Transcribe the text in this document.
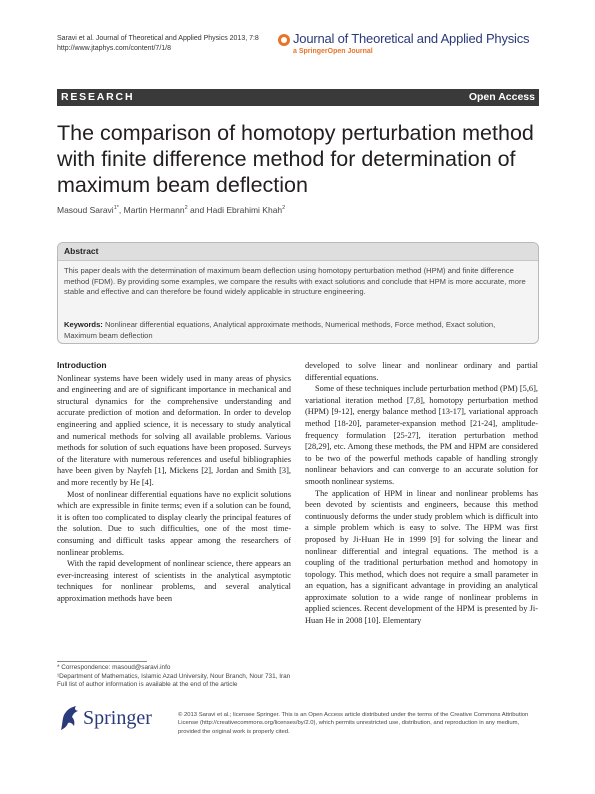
Saravi et al. Journal of Theoretical and Applied Physics 2013, 7:8
http://www.jtaphys.com/content/7/1/8
Journal of Theoretical and Applied Physics
a SpringerOpen Journal
RESEARCH	Open Access
The comparison of homotopy perturbation method with finite difference method for determination of maximum beam deflection
Masoud Saravi$^{1*}$, Martin Hermann$^2$ and Hadi Ebrahimi Khah$^2$
Abstract
This paper deals with the determination of maximum beam deflection using homotopy perturbation method (HPM) and finite difference method (FDM). By providing some examples, we compare the results with exact solutions and conclude that HPM is more accurate, more stable and effective and can therefore be found widely applicable in structure engineering.
Keywords: Nonlinear differential equations, Analytical approximate methods, Numerical methods, Force method, Exact solution, Maximum beam deflection
Introduction

Nonlinear systems have been widely used in many areas of physics and engineering and are of significant importance in mechanical and structural dynamics for the comprehensive understanding and accurate prediction of motion and deformation. In order to develop engineering and applied science, it is necessary to study analytical and numerical methods for solving all available problems. Various methods for solution of such equations have been proposed. Surveys of the literature with numerous references and useful bibliographies have been given by Nayfeh [1], Mickens [2], Jordan and Smith [3], and more recently by He [4].

Most of nonlinear differential equations have no explicit solutions which are expressible in finite terms; even if a solution can be found, it is often too complicated to display clearly the principal features of the solution. Due to such difficulties, one of the most time-consuming and difficult tasks appear among the researchers of nonlinear problems.

With the rapid development of nonlinear science, there appears an ever-increasing interest of scientists in the analytical asymptotic techniques for nonlinear problems, and several analytical approximation methods have been

developed to solve linear and nonlinear ordinary and partial differential equations.

Some of these techniques include perturbation method (PM) [5,6], variational iteration method [7,8], homotopy perturbation method (HPM) [9-12], energy balance method [13-17], variational approach method [18-20], parameter-expansion method [21-24], amplitude-frequency formulation [25-27], iteration perturbation method [28,29], etc. Among these methods, the PM and HPM are considered to be two of the powerful methods capable of handling strongly nonlinear behaviors and can converge to an accurate solution for smooth nonlinear systems.

The application of HPM in linear and nonlinear problems has been devoted by scientists and engineers, because this method continuously deforms the under study problem which is difficult into a simple problem which is easy to solve. The HPM was first proposed by Ji-Huan He in 1999 [9] for solving the linear and nonlinear differential and integral equations. The method is a coupling of the traditional perturbation method and homotopy in topology. This method, which does not require a small parameter in an equation, has a significant advantage in providing an analytical approximate solution to a wide range of nonlinear problems in applied sciences. Recent development of the HPM is presented by Ji-Huan He in 2008 [10]. Elementary

* Correspondence: masoud@saravi.info
¹Department of Mathematics, Islamic Azad University, Nour Branch, Nour 731, Iran
Full list of author information is available at the end of the article
Springer	© 2013 Saravi et al.; licensee Springer. This is an Open Access article distributed under the terms of the Creative Commons Attribution License (http://creativecommons.org/licenses/by/2.0), which permits unrestricted use, distribution, and reproduction in any medium, provided the original work is properly cited.
